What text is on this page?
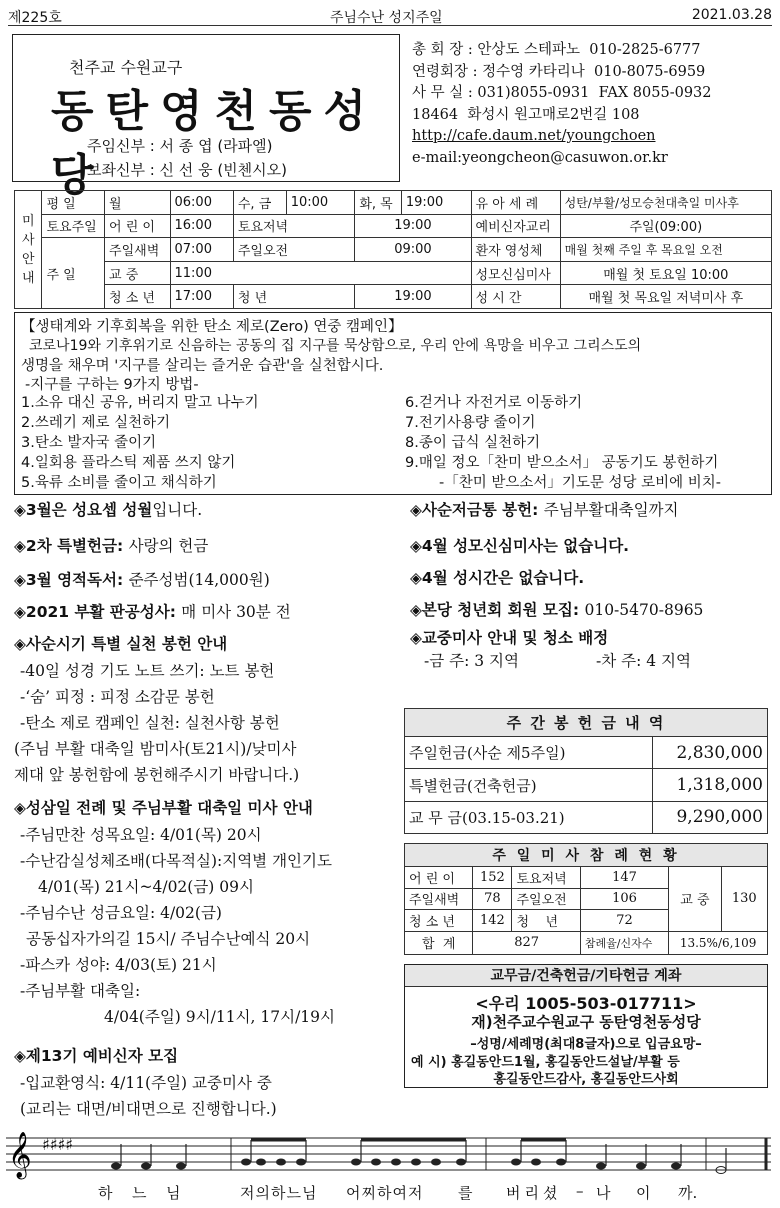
제225호	주님수난 성지주일	2021.03.28
천주교 수원교구
동탄영천동성당
주임신부 : 서 종 엽 (라파엘)
보좌신부 : 신 선 웅 (빈첸시오)
총 회 장 : 안상도 스테파노  010-2825-6777
연령회장 : 정수영 카타리나  010-8075-6959
사 무 실 : 031)8055-0931  FAX 8055-0932
18464  화성시 원고매로2번길 108
http://cafe.daum.net/youngchoen
e-mail:yeongcheon@casuwon.or.kr
미사안내	평 일	월	06:00	수, 금	10:00	화, 목	19:00	유 아 세 례	성탄/부활/성모승천대축일 미사후
	토요주일	어 린 이	16:00	토요저녁		19:00		예비신자교리	주일(09:00)
	주 일	주일새벽	07:00	주일오전		09:00		환자 영성체	매월 첫째 주일 후 목요일 오전
		교 중	11:00					성모신심미사	매월 첫 토요일 10:00
		청 소 년	17:00	청 년		19:00		성 시 간	매월 첫 목요일 저녁미사 후
【생태계와 기후회복을 위한 탄소 제로(Zero) 연중 캠페인】
코로나19와 기후위기로 신음하는 공동의 집 지구를 묵상함으로, 우리 안에 욕망을 비우고 그리스도의
생명을 채우며 '지구를 살리는 즐거운 습관'을 실천합시다.
-지구를 구하는 9가지 방법-
1.소유 대신 공유, 버리지 말고 나누기
2.쓰레기 제로 실천하기
3.탄소 발자국 줄이기
4.일회용 플라스틱 제품 쓰지 않기
5.육류 소비를 줄이고 채식하기
6.걷거나 자전거로 이동하기
7.전기사용량 줄이기
8.종이 급식 실천하기
9.매일 정오「찬미 받으소서」 공동기도 봉헌하기
-「찬미 받으소서」기도문 성당 로비에 비치-
◈3월은 성요셉 성월입니다.
◈2차 특별헌금: 사랑의 헌금
◈3월 영적독서: 준주성범(14,000원)
◈2021 부활 판공성사: 매 미사 30분 전
◈사순시기 특별 실천 봉헌 안내
-40일 성경 기도 노트 쓰기: 노트 봉헌
-‘숨’ 피정 : 피정 소감문 봉헌
-탄소 제로 캠페인 실천: 실천사항 봉헌
(주님 부활 대축일 밤미사(토21시)/낮미사
제대 앞 봉헌함에 봉헌해주시기 바랍니다.)
◈성삼일 전례 및 주님부활 대축일 미사 안내
-주님만찬 성목요일: 4/01(목) 20시
-수난감실성체조배(다목적실):지역별 개인기도
4/01(목) 21시~4/02(금) 09시
-주님수난 성금요일: 4/02(금)
공동십자가의길 15시/ 주님수난예식 20시
-파스카 성야: 4/03(토) 21시
-주님부활 대축일:
4/04(주일) 9시/11시, 17시/19시
◈제13기 예비신자 모집
-입교환영식: 4/11(주일) 교중미사 중
(교리는 대면/비대면으로 진행합니다.)
◈사순저금통 봉헌: 주님부활대축일까지
◈4월 성모신심미사는 없습니다.
◈4월 성시간은 없습니다.
◈본당 청년회 회원 모집: 010-5470-8965
◈교중미사 안내 및 청소 배정
-금 주: 3 지역	-차 주: 4 지역
주 간 봉 헌 금 내 역	
주일헌금(사순 제5주일)	2,830,000
특별헌금(건축헌금)	1,318,000
교 무 금(03.15-03.21)	9,290,000
주 일 미 사 참 례 현 황					
어 린 이	152	토요저녁	147	교 중	130
주일새벽	78	주일오전	106		
청 소 년	142	청    년	72		
합  계	827		참례율/신자수	13.5%/6,109	
교무금/건축헌금/기타헌금 계좌
<우리 1005-503-017711>
재)천주교수원교구 동탄영천동성당
–성명/세례명(최대8글자)으로 입금요망–
예 시) 홍길동안드1월, 홍길동안드설날/부활 등
홍길동안드감사, 홍길동안드사회
𝄞 ♯♯♯♯
하 느 님	저의하느님 어찌하여저 를 버리셨 – 나 이 까.
